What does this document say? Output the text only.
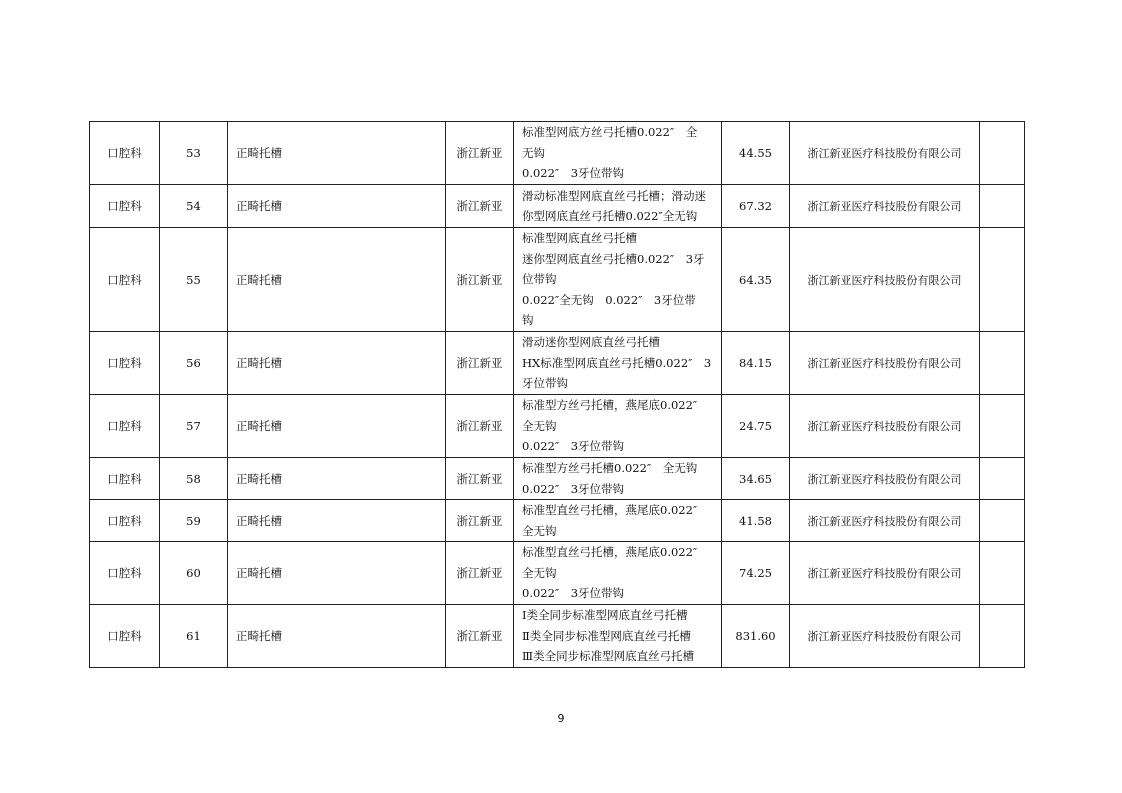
口腔科	53	正畸托槽	浙江新亚	标准型网底方丝弓托槽0.022″　全
无钩
0.022″　3牙位带钩	44.55	浙江新亚医疗科技股份有限公司	
口腔科	54	正畸托槽	浙江新亚	滑动标准型网底直丝弓托槽；滑动迷
你型网底直丝弓托槽0.022″全无钩	67.32	浙江新亚医疗科技股份有限公司	
口腔科	55	正畸托槽	浙江新亚	标准型网底直丝弓托槽
迷你型网底直丝弓托槽0.022″　3牙
位带钩
0.022″全无钩　0.022″　3牙位带
钩	64.35	浙江新亚医疗科技股份有限公司	
口腔科	56	正畸托槽	浙江新亚	滑动迷你型网底直丝弓托槽
HX标准型网底直丝弓托槽0.022″　3
牙位带钩	84.15	浙江新亚医疗科技股份有限公司	
口腔科	57	正畸托槽	浙江新亚	标准型方丝弓托槽，燕尾底0.022″
全无钩
0.022″　3牙位带钩	24.75	浙江新亚医疗科技股份有限公司	
口腔科	58	正畸托槽	浙江新亚	标准型方丝弓托槽0.022″　全无钩
0.022″　3牙位带钩	34.65	浙江新亚医疗科技股份有限公司	
口腔科	59	正畸托槽	浙江新亚	标准型直丝弓托槽，燕尾底0.022″
全无钩	41.58	浙江新亚医疗科技股份有限公司	
口腔科	60	正畸托槽	浙江新亚	标准型直丝弓托槽，燕尾底0.022″
全无钩
0.022″　3牙位带钩	74.25	浙江新亚医疗科技股份有限公司	
口腔科	61	正畸托槽	浙江新亚	Ⅰ类全同步标准型网底直丝弓托槽
Ⅱ类全同步标准型网底直丝弓托槽
Ⅲ类全同步标准型网底直丝弓托槽	831.60	浙江新亚医疗科技股份有限公司	
9
